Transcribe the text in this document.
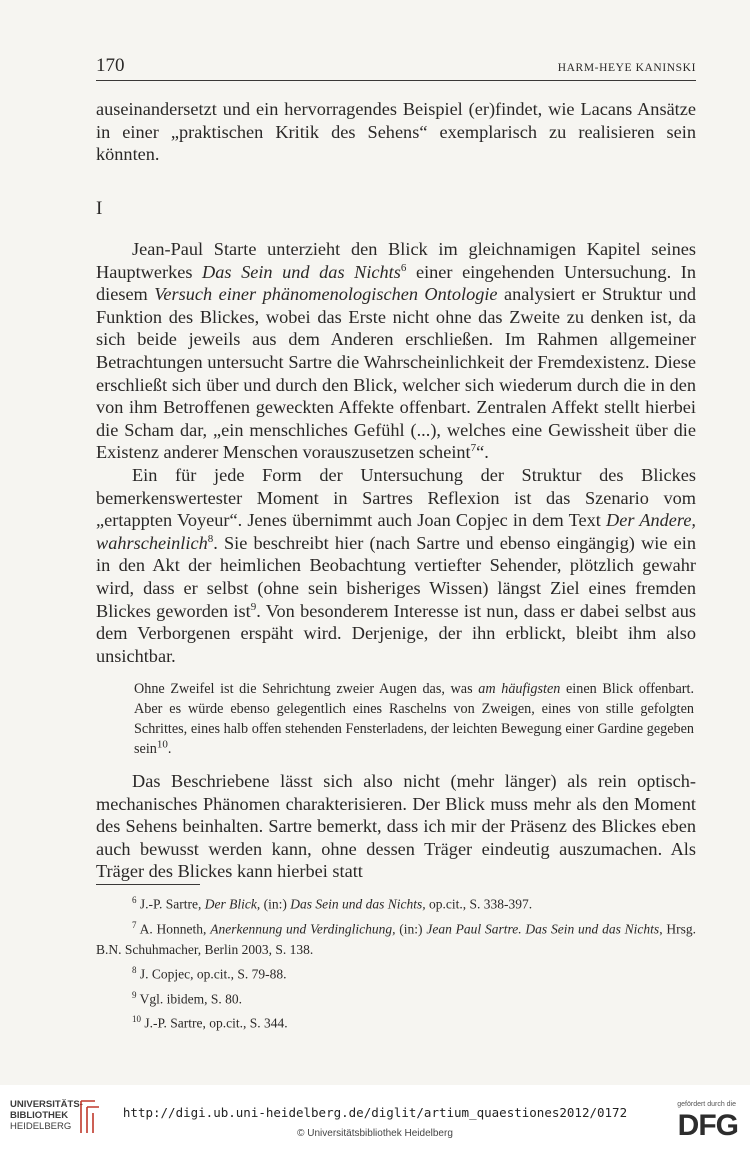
170	HARM-HEYE KANINSKI

auseinandersetzt und ein hervorragendes Beispiel (er)findet, wie Lacans Ansätze in einer „praktischen Kritik des Sehens“ exemplarisch zu realisieren sein könnten.

I

Jean-Paul Starte unterzieht den Blick im gleichnamigen Kapitel seines Hauptwerkes Das Sein und das Nichts$^6$ einer eingehenden Untersuchung. In diesem Versuch einer phänomenologischen Ontologie analysiert er Struktur und Funktion des Blickes, wobei das Erste nicht ohne das Zweite zu denken ist, da sich beide jeweils aus dem Anderen erschließen. Im Rahmen allgemeiner Betrachtungen untersucht Sartre die Wahrscheinlichkeit der Fremdexistenz. Diese erschließt sich über und durch den Blick, welcher sich wiederum durch die in den von ihm Betroffenen geweckten Affekte offenbart. Zentralen Affekt stellt hierbei die Scham dar, „ein menschliches Gefühl (...), welches eine Gewissheit über die Existenz anderer Menschen vorauszusetzen scheint$^7$“.

Ein für jede Form der Untersuchung der Struktur des Blickes bemerkenswertester Moment in Sartres Reflexion ist das Szenario vom „ertappten Voyeur“. Jenes übernimmt auch Joan Copjec in dem Text Der Andere, wahrscheinlich$^8$. Sie beschreibt hier (nach Sartre und ebenso eingängig) wie ein in den Akt der heimlichen Beobachtung vertiefter Sehender, plötzlich gewahr wird, dass er selbst (ohne sein bisheriges Wissen) längst Ziel eines fremden Blickes geworden ist$^9$. Von besonderem Interesse ist nun, dass er dabei selbst aus dem Verborgenen erspäht wird. Derjenige, der ihn erblickt, bleibt ihm also unsichtbar.

Ohne Zweifel ist die Sehrichtung zweier Augen das, was am häufigsten einen Blick offenbart. Aber es würde ebenso gelegentlich eines Raschelns von Zweigen, eines von stille gefolgten Schrittes, eines halb offen stehenden Fensterladens, der leichten Bewegung einer Gardine gegeben sein$^{10}$.

Das Beschriebene lässt sich also nicht (mehr länger) als rein optisch-mechanisches Phänomen charakterisieren. Der Blick muss mehr als den Moment des Sehens beinhalten. Sartre bemerkt, dass ich mir der Präsenz des Blickes eben auch bewusst werden kann, ohne dessen Träger eindeutig auszumachen. Als Träger des Blickes kann hierbei statt

$^6$ J.-P. Sartre, Der Blick, (in:) Das Sein und das Nichts, op.cit., S. 338-397.

$^7$ A. Honneth, Anerkennung und Verdinglichung, (in:) Jean Paul Sartre. Das Sein und das Nichts, Hrsg. B.N. Schuhmacher, Berlin 2003, S. 138.

$^8$ J. Copjec, op.cit., S. 79-88.

$^9$ Vgl. ibidem, S. 80.

$^{10}$ J.-P. Sartre, op.cit., S. 344.

UNIVERSITÄTS-
BIBLIOTHEK
HEIDELBERG
http://digi.ub.uni-heidelberg.de/diglit/artium_quaestiones2012/0172
© Universitätsbibliothek Heidelberg
gefördert durch die
DFG
